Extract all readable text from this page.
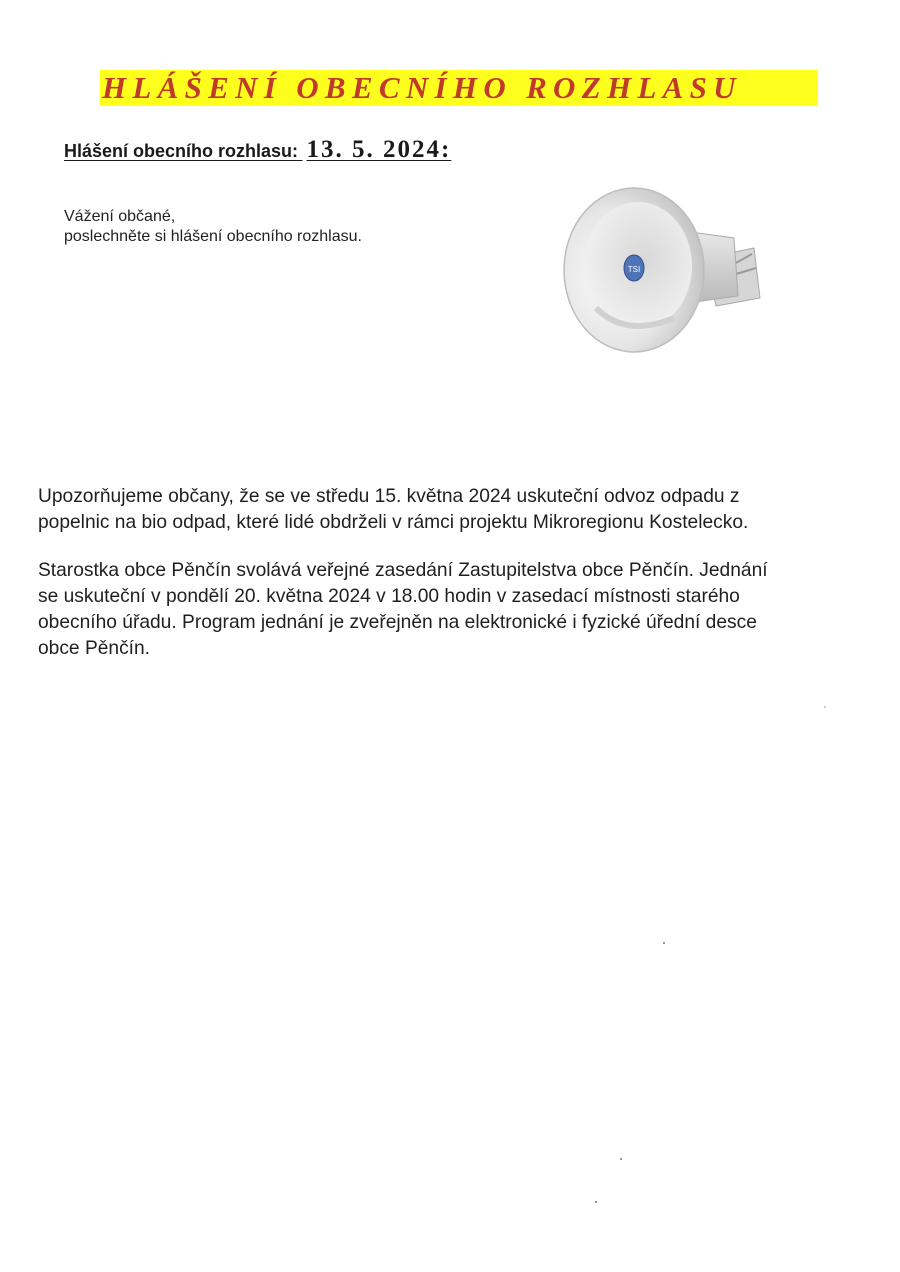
HLÁŠENÍ OBECNÍHO ROZHLASU
Hlášení obecního rozhlasu: 13. 5. 2024:
Vážení občané,
poslechněte si hlášení obecního rozhlasu.
TSI
Upozorňujeme občany, že se ve středu 15. května 2024 uskuteční odvoz odpadu z
popelnic na bio odpad, které lidé obdrželi v rámci projektu Mikroregionu Kostelecko.
Starostka obce Pěnčín svolává veřejné zasedání Zastupitelstva obce Pěnčín. Jednání
se uskuteční v pondělí 20. května 2024 v 18.00 hodin v zasedací místnosti starého
obecního úřadu. Program jednání je zveřejněn na elektronické i fyzické úřední desce
obce Pěnčín.
